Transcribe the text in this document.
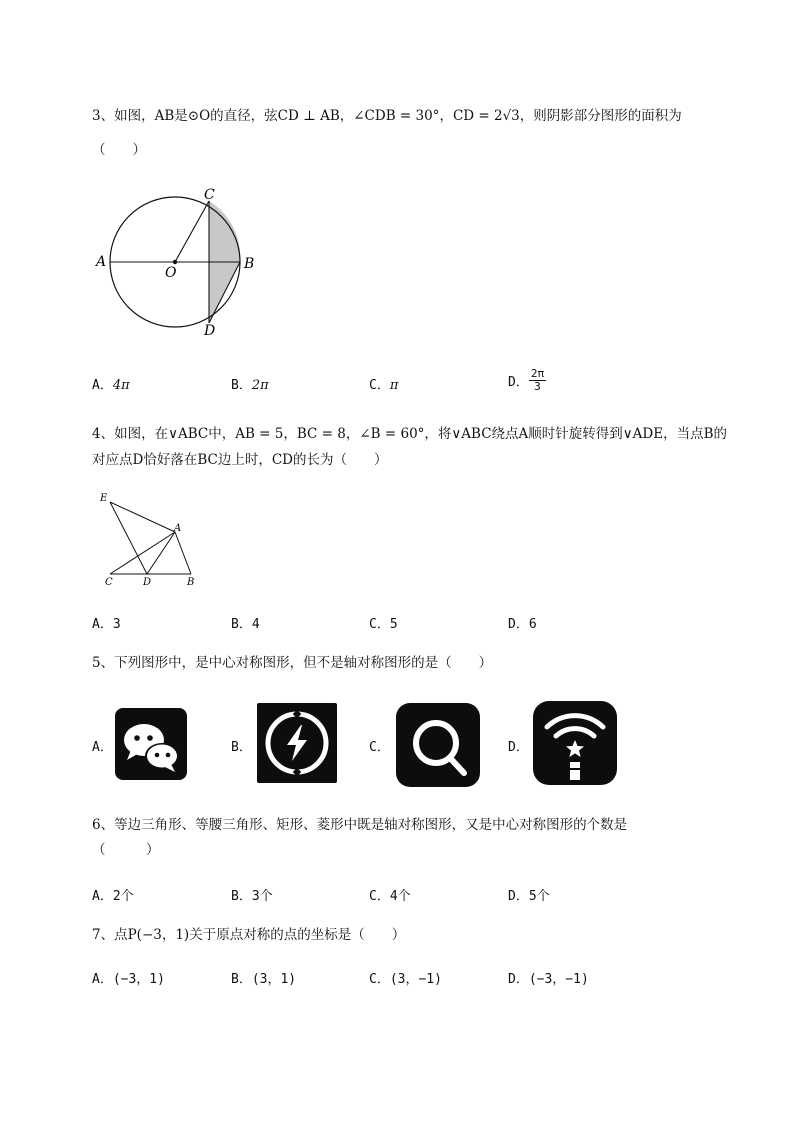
3、如图，AB是⊙O的直径，弦CD ⊥ AB，∠CDB = 30°，CD = 2√3，则阴影部分图形的面积为
（　　）
C
A
O
B
D
A．4π	B．2π	C．π	D． $\frac{2\pi}{3}$
4、如图，在∨ABC中，AB = 5，BC = 8，∠B = 60°，将∨ABC绕点A顺时针旋转得到∨ADE，当点B的
对应点D恰好落在BC边上时，CD的长为（　　）
E
A
C	D	B
A．3	B．4	C．5	D．6
5、下列图形中，是中心对称图形，但不是轴对称图形的是（　　）
A．	B．	C．	D．
6、等边三角形、等腰三角形、矩形、菱形中既是轴对称图形，又是中心对称图形的个数是
（　　　）
A．2个	B．3个	C．4个	D．5个
7、点P(−3，1)关于原点对称的点的坐标是（　　）
A．(−3，1)	B．(3，1)	C．(3，−1)	D．(−3，−1)
